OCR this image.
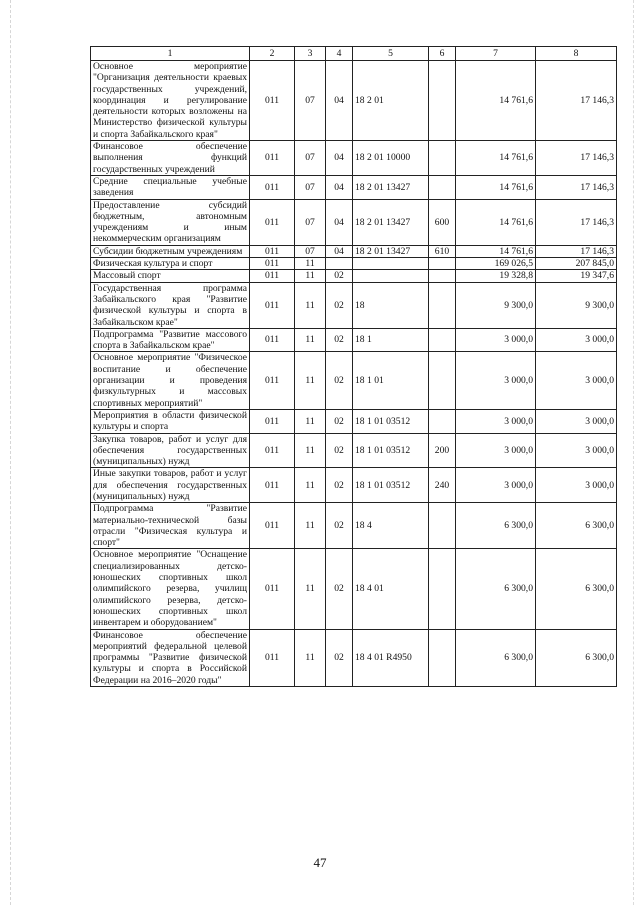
1	2	3	4	5	6	7	8
Основное мероприятие "Организация деятельности краевых государственных учреждений, координация и регулирование деятельности которых возложены на Министерство физической культуры и спорта Забайкальского края"	011	07	04	18 2 01		14 761,6	17 146,3
Финансовое обеспечение выполнения функций государственных учреждений	011	07	04	18 2 01 10000		14 761,6	17 146,3
Средние специальные учебные заведения	011	07	04	18 2 01 13427		14 761,6	17 146,3
Предоставление субсидий бюджетным, автономным учреждениям и иным некоммерческим организациям	011	07	04	18 2 01 13427	600	14 761,6	17 146,3
Субсидии бюджетным учреждениям	011	07	04	18 2 01 13427	610	14 761,6	17 146,3
Физическая культура и спорт	011	11				169 026,5	207 845,0
Массовый спорт	011	11	02			19 328,8	19 347,6
Государственная программа Забайкальского края "Развитие физической культуры и спорта в Забайкальском крае"	011	11	02	18		9 300,0	9 300,0
Подпрограмма "Развитие массового спорта в Забайкальском крае"	011	11	02	18 1		3 000,0	3 000,0
Основное мероприятие "Физическое воспитание и обеспечение организации и проведения физкультурных и массовых спортивных мероприятий"	011	11	02	18 1 01		3 000,0	3 000,0
Мероприятия в области физической культуры и спорта	011	11	02	18 1 01 03512		3 000,0	3 000,0
Закупка товаров, работ и услуг для обеспечения государственных (муниципальных) нужд	011	11	02	18 1 01 03512	200	3 000,0	3 000,0
Иные закупки товаров, работ и услуг для обеспечения государственных (муниципальных) нужд	011	11	02	18 1 01 03512	240	3 000,0	3 000,0
Подпрограмма "Развитие материально-технической базы отрасли "Физическая культура и спорт"	011	11	02	18 4		6 300,0	6 300,0
Основное мероприятие "Оснащение специализированных детско-юношеских спортивных школ олимпийского резерва, училищ олимпийского резерва, детско-юношеских спортивных школ инвентарем и оборудованием"	011	11	02	18 4 01		6 300,0	6 300,0
Финансовое обеспечение мероприятий федеральной целевой программы "Развитие физической культуры и спорта в Российской Федерации на 2016–2020 годы"	011	11	02	18 4 01 R4950		6 300,0	6 300,0
47
